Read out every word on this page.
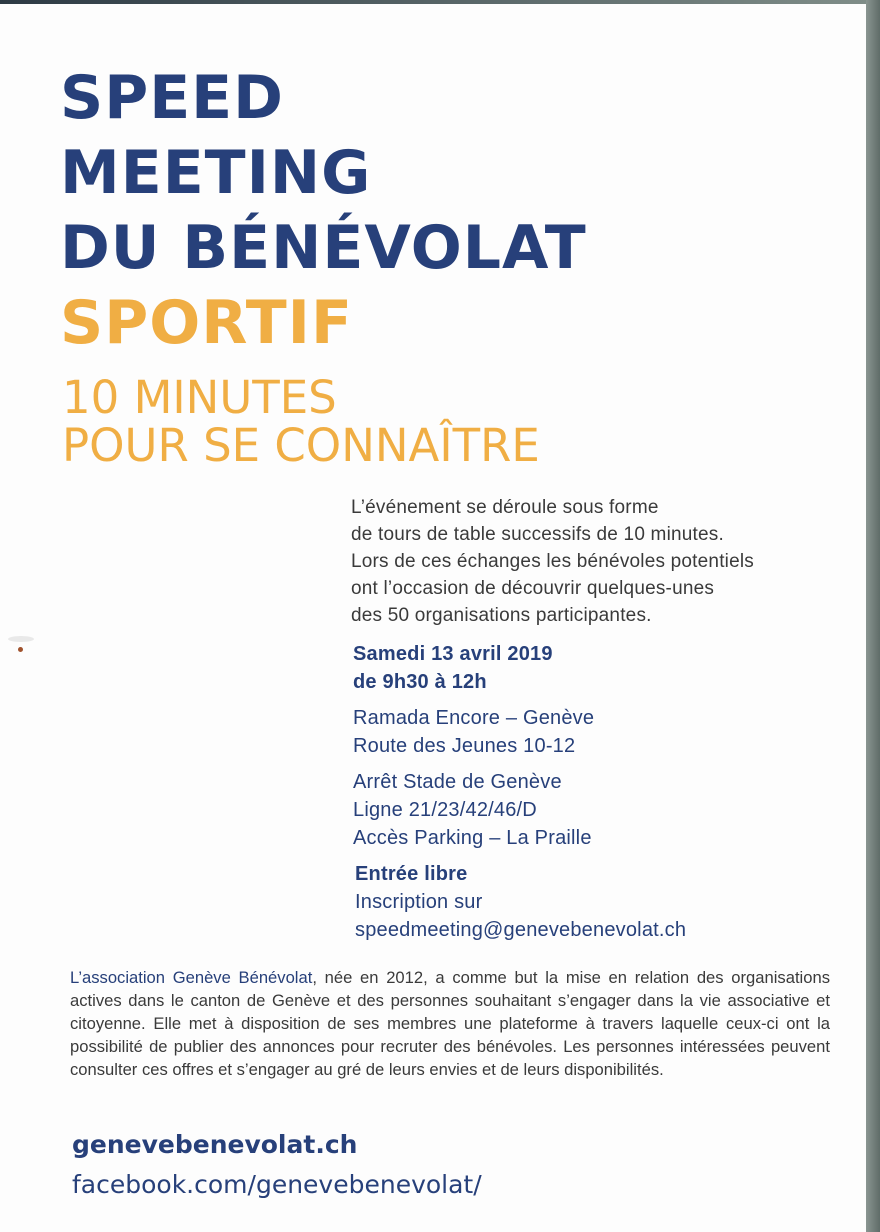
SPEED
MEETING
DU BÉNÉVOLAT
SPORTIF
10 MINUTES
POUR SE CONNAÎTRE
L’événement se déroule sous forme
de tours de table successifs de 10 minutes.
Lors de ces échanges les bénévoles potentiels
ont l’occasion de découvrir quelques-unes
des 50 organisations participantes.
Samedi 13 avril 2019
de 9h30 à 12h
Ramada Encore – Genève
Route des Jeunes 10-12
Arrêt Stade de Genève
Ligne 21/23/42/46/D
Accès Parking – La Praille
Entrée libre
Inscription sur
speedmeeting@genevebenevolat.ch
L’association Genève Bénévolat, née en 2012, a comme but la mise en relation des organisations actives dans le canton de Genève et des personnes souhaitant s’engager dans la vie associative et citoyenne. Elle met à disposition de ses membres une plateforme à travers laquelle ceux-ci ont la possibilité de publier des annonces pour recruter des bénévoles. Les personnes intéressées peuvent consulter ces offres et s’engager au gré de leurs envies et de leurs disponibilités.
genevebenevolat.ch
facebook.com/genevebenevolat/
